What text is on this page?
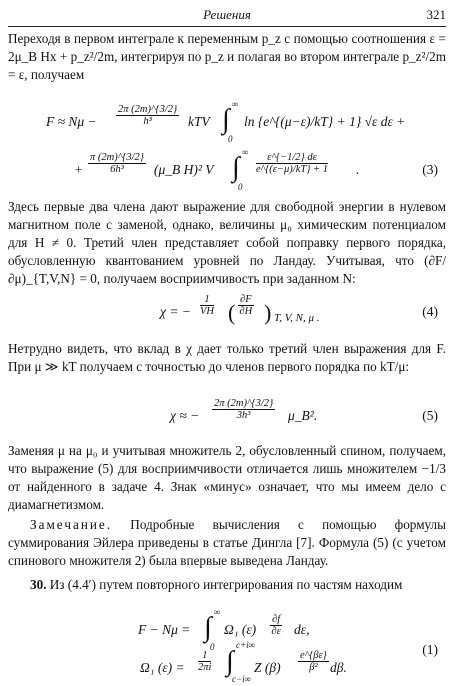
Решения	321

Переходя в первом интеграле к переменным p_z с помощью соотношения ε = 2μ_B Hx + p_z²/2m, интегрируя по p_z и полагая во втором интеграле p_z²/2m = ε, получаем

$F \approx N\mu - \frac{2\pi (2m)\^{}\{3/2\}}{\text{h³}}$ kTV ∫ ∞
0
ln {e^{(μ−ε)/kT} + 1} √ε dε +
+ $\frac{\pi (2m)\^{}\{3/2\}}{\text{6h³}}$ (μ_B H)² V ∫ ∞
0
$\frac{\varepsilon\^{}\{-1/2\} d\varepsilon}{e\^{}\{(\varepsilon-\mu)/kT\} + 1}$ .	(3)

Здесь первые два члена дают выражение для свободной энергии в нулевом магнитном поле с заменой, однако, величины μ₀ химическим потенциалом для H ≠ 0. Третий член представляет собой поправку первого порядка, обусловленную квантованием уровней по Ландау. Учитывая, что (∂F/∂μ)_{T,V,N} = 0, получаем восприимчивость при заданном N:

χ = − $\frac{1}{VH}$ ( $\frac{\partial F}{\partial H}$ ) T, V, N, μ .	(4)

Нетрудно видеть, что вклад в χ дает только третий член выражения для F. При μ ≫ kT получаем с точностью до членов первого порядка по kT/μ:

χ ≈ − $\frac{2\pi (2m)\^{}\{3/2\}}{\text{3h³}}$ μ_B².	(5)

Заменяя μ на μ₀ и учитывая множитель 2, обусловленный спином, получаем, что выражение (5) для восприимчивости отличается лишь множителем −1/3 от найденного в задаче 4. Знак «минус» означает, что мы имеем дело с диамагнетизмом.

Замечание. Подробные вычисления с помощью формулы суммирования Эйлера приведены в статье Дингла [7]. Формула (5) (с учетом спинового множителя 2) была впервые выведена Ландау.

30. Из (4.4′) путем повторного интегрирования по частям находим

F − Nμ = ∫ ∞
0
Ω₁ $(\varepsilon) \frac{\partial f}{\partial\varepsilon} d\varepsilon$,
Ω₁ $(\varepsilon) = \frac{1}{2\pi i}$ ∫
c+i∞
c−i∞
Z $(\beta) \frac{e\^{}\{\beta\varepsilon\}}{\text{β²}} d\beta$.
(1)
